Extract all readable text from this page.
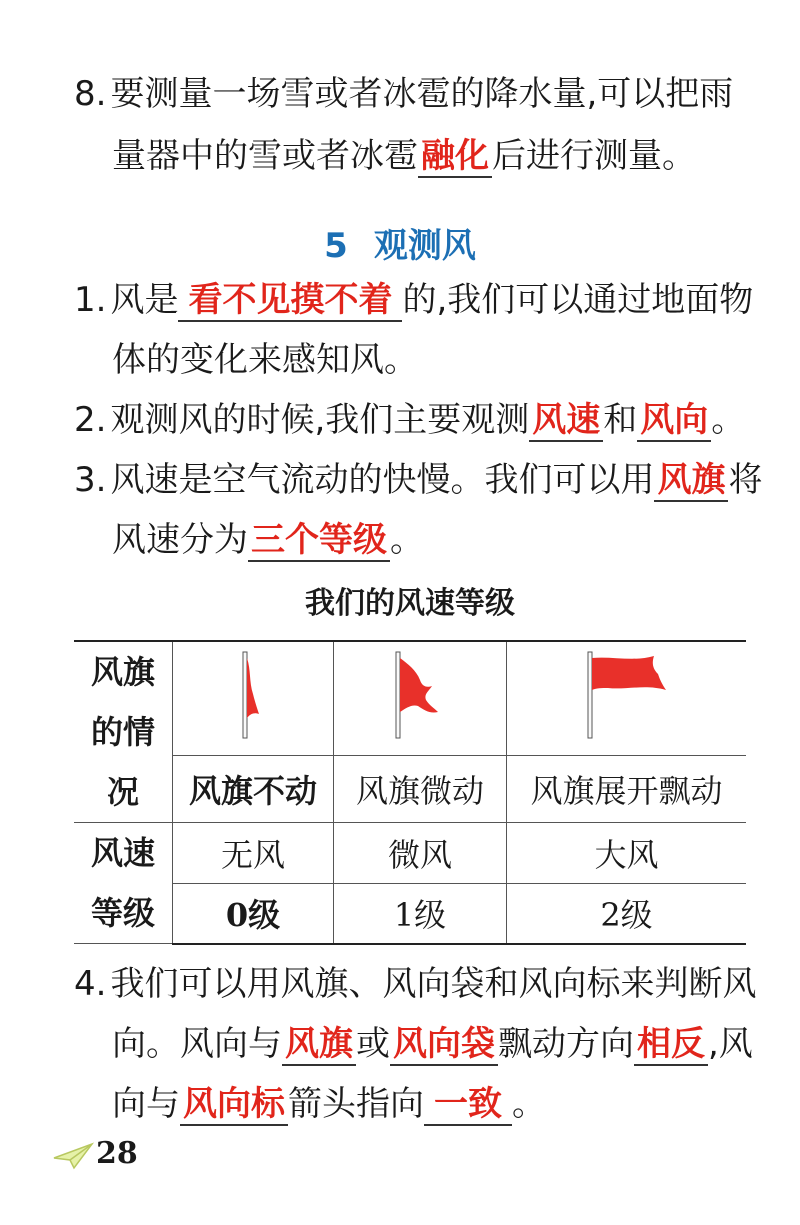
8. 要测量一场雪或者冰雹的降水量,可以把雨
量器中的雪或者冰雹融化后进行测量。
5 观测风
1. 风是 看不见摸不着 的,我们可以通过地面物
体的变化来感知风。
2. 观测风的时候,我们主要观测风速和风向。
3. 风速是空气流动的快慢。我们可以用风旗将
风速分为三个等级。
我们的风速等级
风旗
的情
况

	风旗不动	风旗微动	风旗展开飘动

风速
等级	无风	微风	大风
	0级	1级	2级
4. 我们可以用风旗、风向袋和风向标来判断风
向。风向与风旗或风向袋飘动方向相反,风
向与风向标箭头指向 一致 。
28
